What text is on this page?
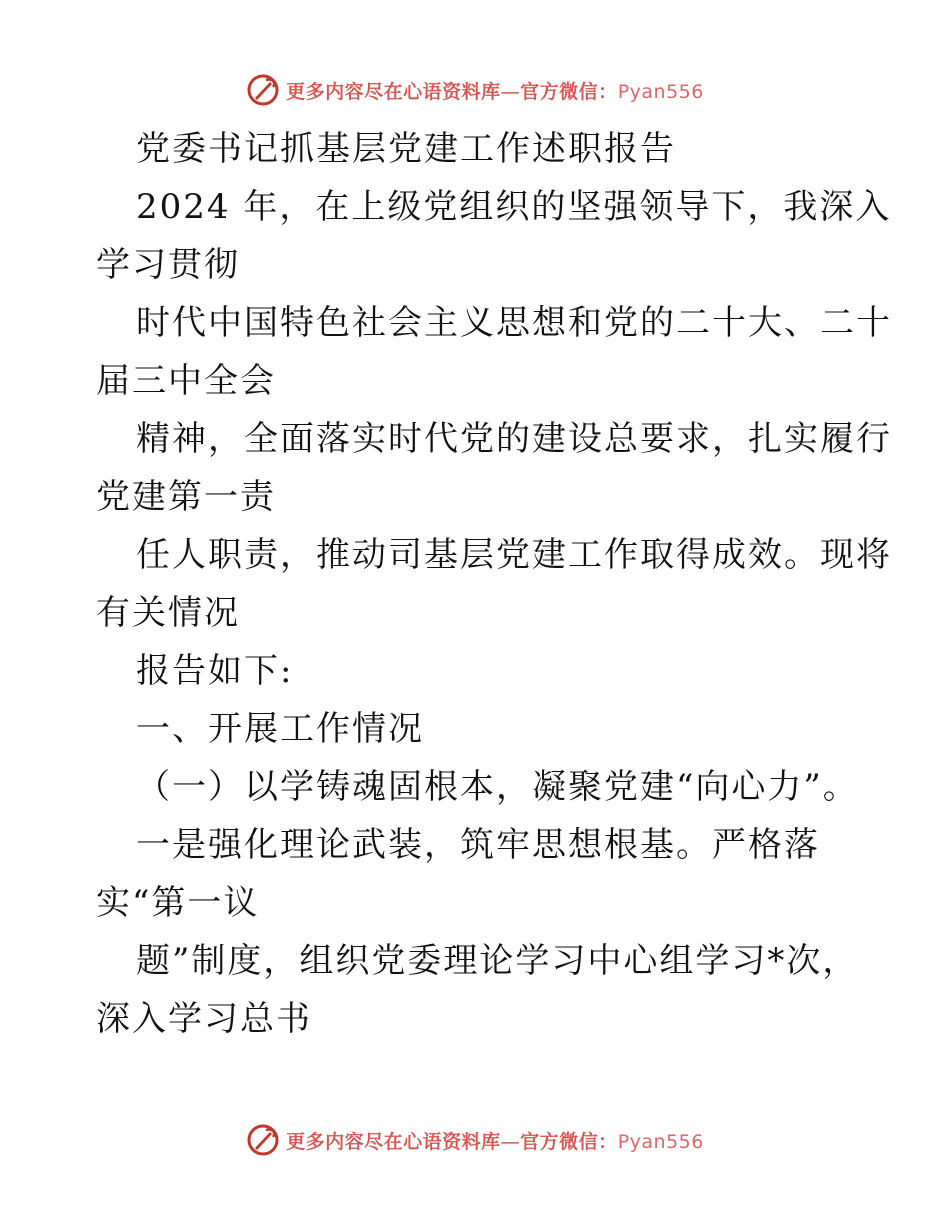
更多内容尽在心语资料库—官方微信：Pyan556
党委书记抓基层党建工作述职报告
2024 年，在上级党组织的坚强领导下，我深入
学习贯彻
时代中国特色社会主义思想和党的二十大、二十
届三中全会
精神，全面落实时代党的建设总要求，扎实履行
党建第一责
任人职责，推动司基层党建工作取得成效。现将
有关情况
报告如下:
一、开展工作情况
（一）以学铸魂固根本，凝聚党建“向心力”。
一是强化理论武装，筑牢思想根基。严格落
实“第一议
题”制度，组织党委理论学习中心组学习*次，
深入学习总书
更多内容尽在心语资料库—官方微信：Pyan556
